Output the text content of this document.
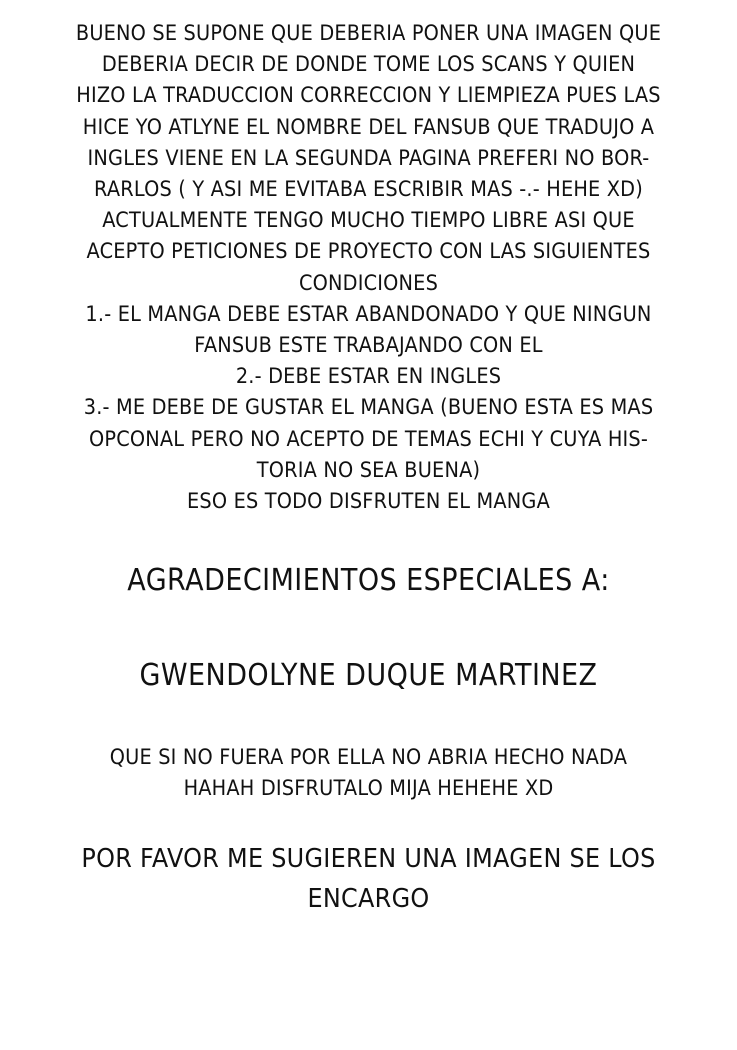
BUENO SE SUPONE QUE DEBERIA PONER UNA IMAGEN QUE
DEBERIA DECIR DE DONDE TOME LOS SCANS Y QUIEN
HIZO LA TRADUCCION CORRECCION Y LIEMPIEZA PUES LAS
HICE YO ATLYNE EL NOMBRE DEL FANSUB QUE TRADUJO A
INGLES VIENE EN LA SEGUNDA PAGINA PREFERI NO BOR-
RARLOS ( Y ASI ME EVITABA ESCRIBIR MAS -.- HEHE XD)
ACTUALMENTE TENGO MUCHO TIEMPO LIBRE ASI QUE
ACEPTO PETICIONES DE PROYECTO CON LAS SIGUIENTES
CONDICIONES
1.- EL MANGA DEBE ESTAR ABANDONADO Y QUE NINGUN
FANSUB ESTE TRABAJANDO CON EL
2.- DEBE ESTAR EN INGLES
3.- ME DEBE DE GUSTAR EL MANGA (BUENO ESTA ES MAS
OPCONAL PERO NO ACEPTO DE TEMAS ECHI Y CUYA HIS-
TORIA NO SEA BUENA)
ESO ES TODO DISFRUTEN EL MANGA
AGRADECIMIENTOS ESPECIALES A:
GWENDOLYNE DUQUE MARTINEZ
QUE SI NO FUERA POR ELLA NO ABRIA HECHO NADA
HAHAH DISFRUTALO MIJA HEHEHE XD
POR FAVOR ME SUGIEREN UNA IMAGEN SE LOS
ENCARGO
